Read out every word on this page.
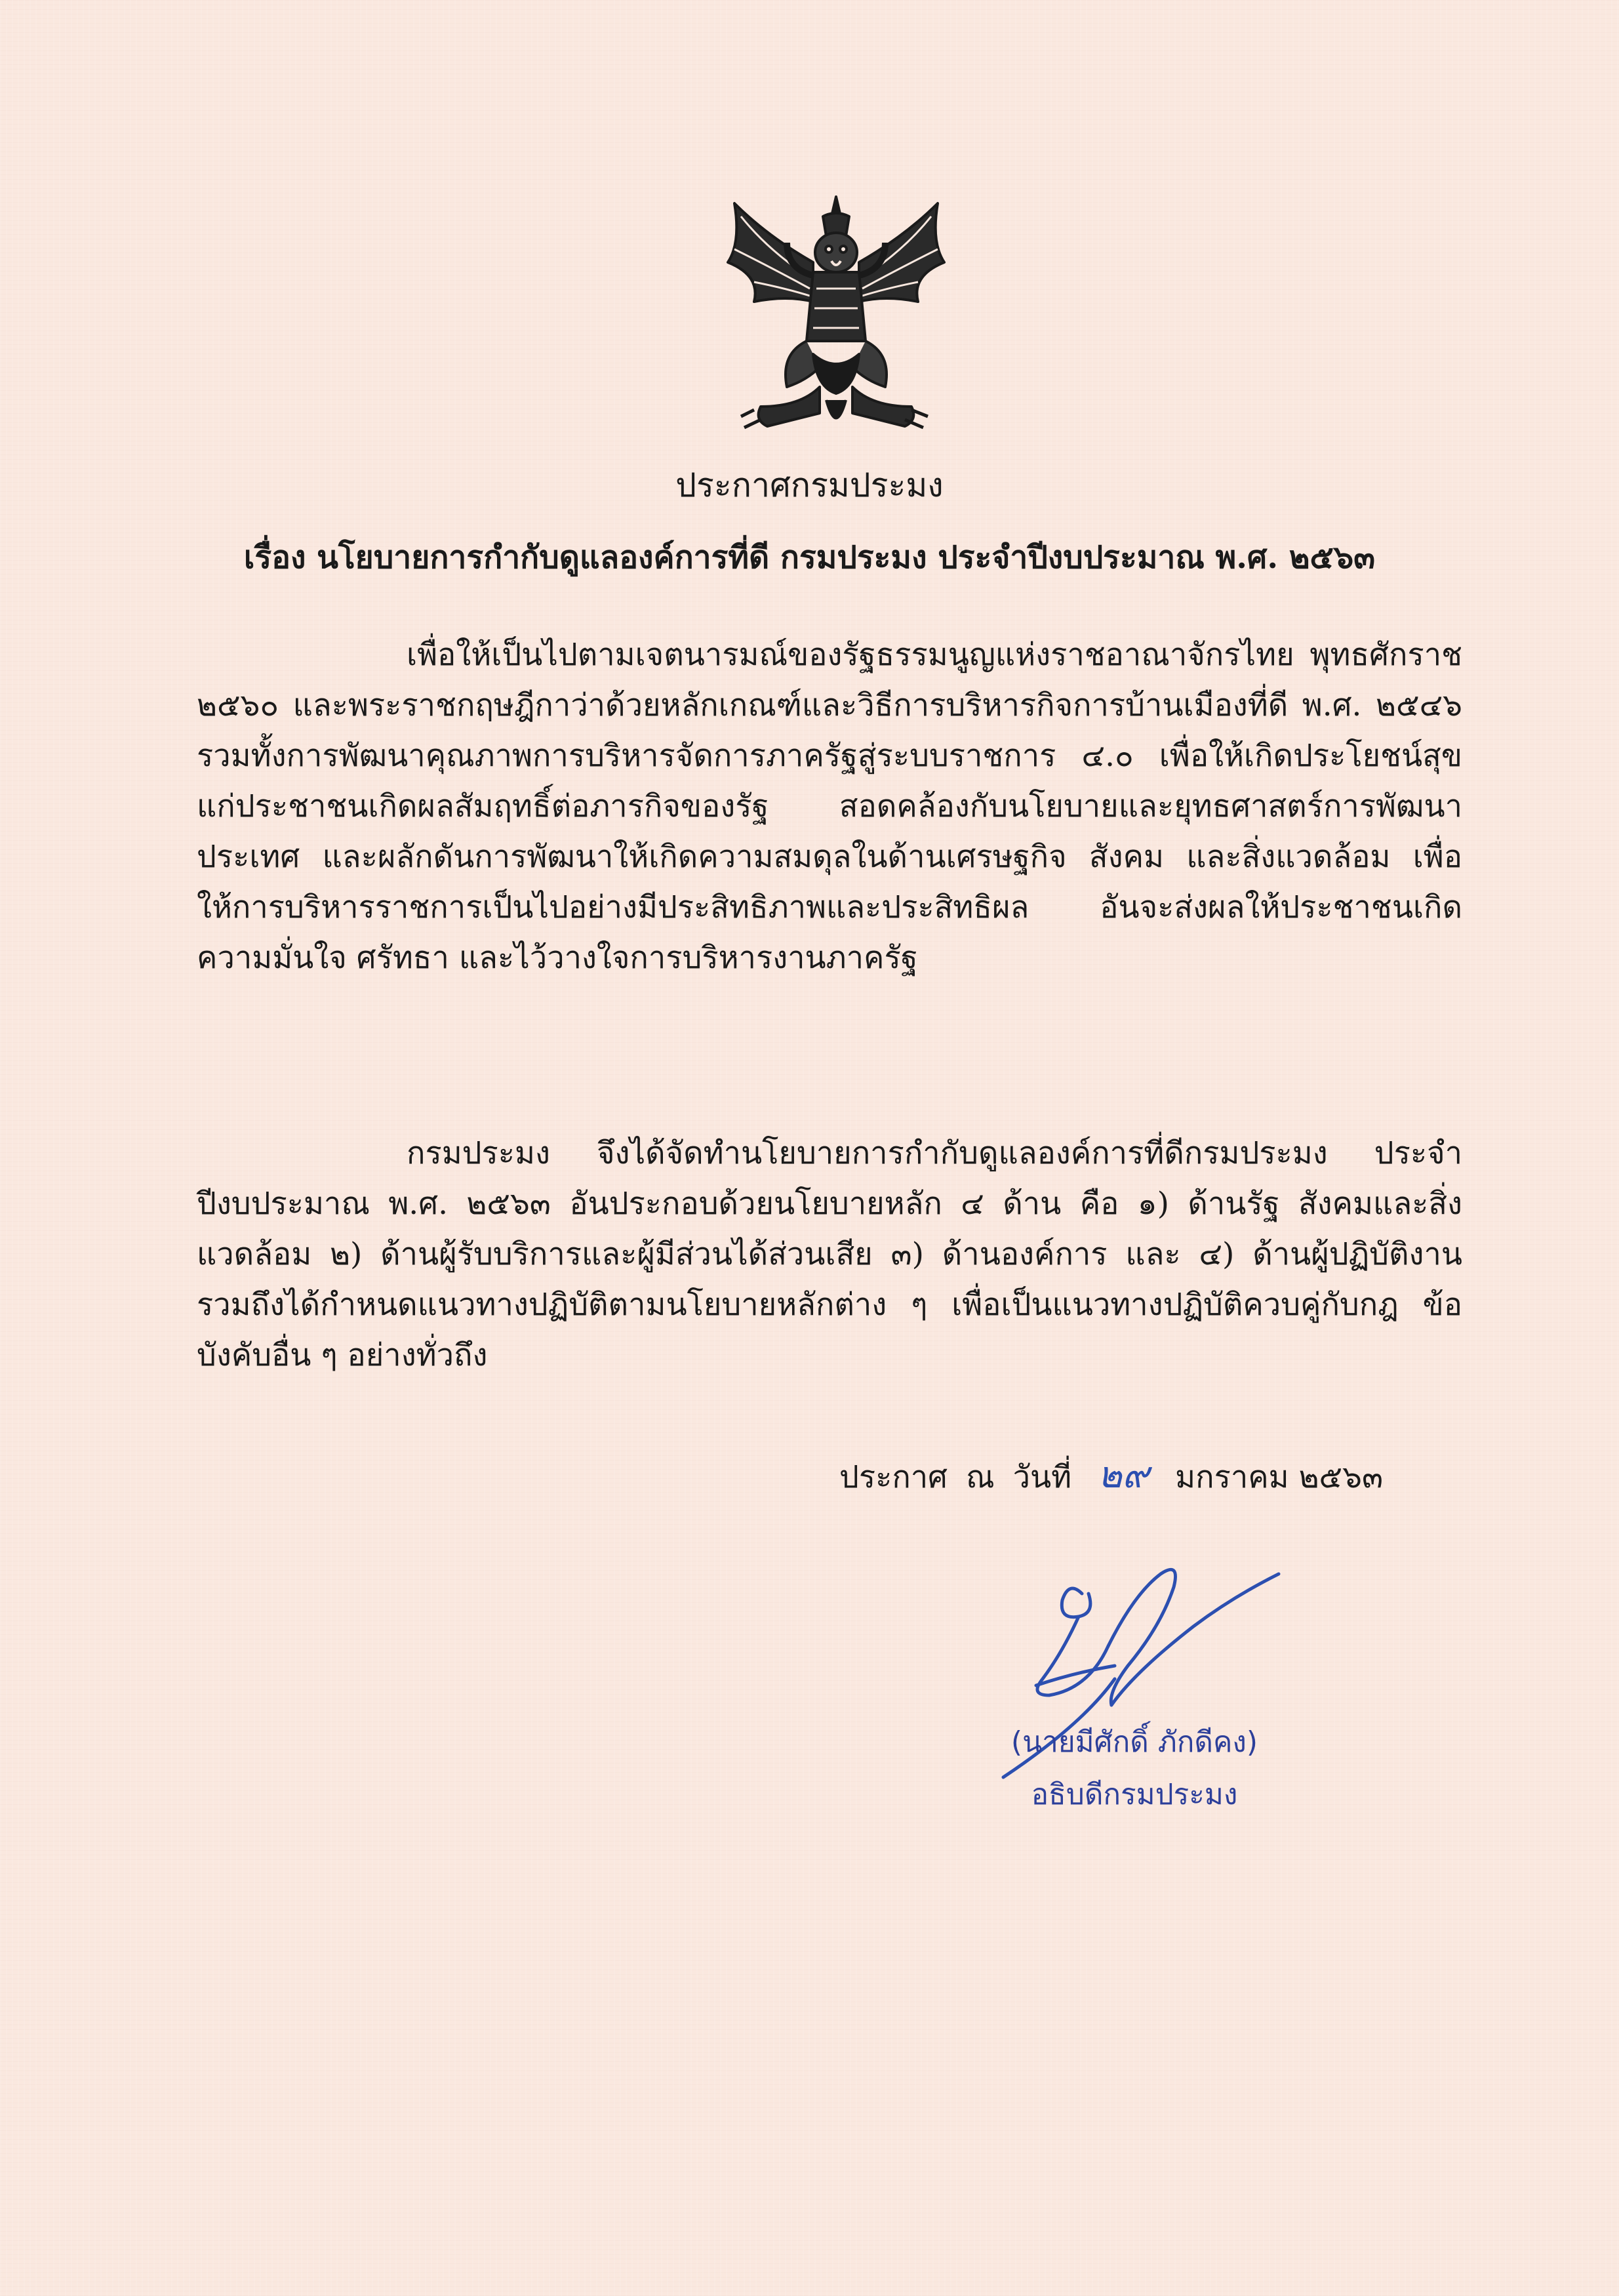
ประกาศกรมประมง
เรื่อง นโยบายการกำกับดูแลองค์การที่ดี กรมประมง ประจำปีงบประมาณ พ.ศ. ๒๕๖๓

เพื่อให้เป็นไปตามเจตนารมณ์ของรัฐธรรมนูญแห่งราชอาณาจักรไทย พุทธศักราช ๒๕๖๐ และพระราชกฤษฎีกาว่าด้วยหลักเกณฑ์และวิธีการบริหารกิจการบ้านเมืองที่ดี พ.ศ. ๒๕๔๖ รวมทั้งการพัฒนาคุณภาพการบริหารจัดการภาครัฐสู่ระบบราชการ ๔.๐ เพื่อให้เกิดประโยชน์สุขแก่ประชาชนเกิดผลสัมฤทธิ์ต่อภารกิจของรัฐ สอดคล้องกับนโยบายและยุทธศาสตร์การพัฒนาประเทศ และผลักดันการพัฒนาให้เกิดความสมดุลในด้านเศรษฐกิจ สังคม และสิ่งแวดล้อม เพื่อให้การบริหารราชการเป็นไปอย่างมีประสิทธิภาพและประสิทธิผล อันจะส่งผลให้ประชาชนเกิดความมั่นใจ ศรัทธา และไว้วางใจการบริหารงานภาครัฐ

กรมประมง จึงได้จัดทำนโยบายการกำกับดูแลองค์การที่ดีกรมประมง ประจำปีงบประมาณ พ.ศ. ๒๕๖๓ อันประกอบด้วยนโยบายหลัก ๔ ด้าน คือ ๑) ด้านรัฐ สังคมและสิ่งแวดล้อม ๒) ด้านผู้รับบริการและผู้มีส่วนได้ส่วนเสีย ๓) ด้านองค์การ และ ๔) ด้านผู้ปฏิบัติงาน รวมถึงได้กำหนดแนวทางปฏิบัติตามนโยบายหลักต่าง ๆ เพื่อเป็นแนวทางปฏิบัติควบคู่กับกฎ ข้อบังคับอื่น ๆ อย่างทั่วถึง

ประกาศ ณ วันที่ ๒๙ มกราคม ๒๕๖๓
(นายมีศักดิ์ ภักดีคง)
อธิบดีกรมประมง
